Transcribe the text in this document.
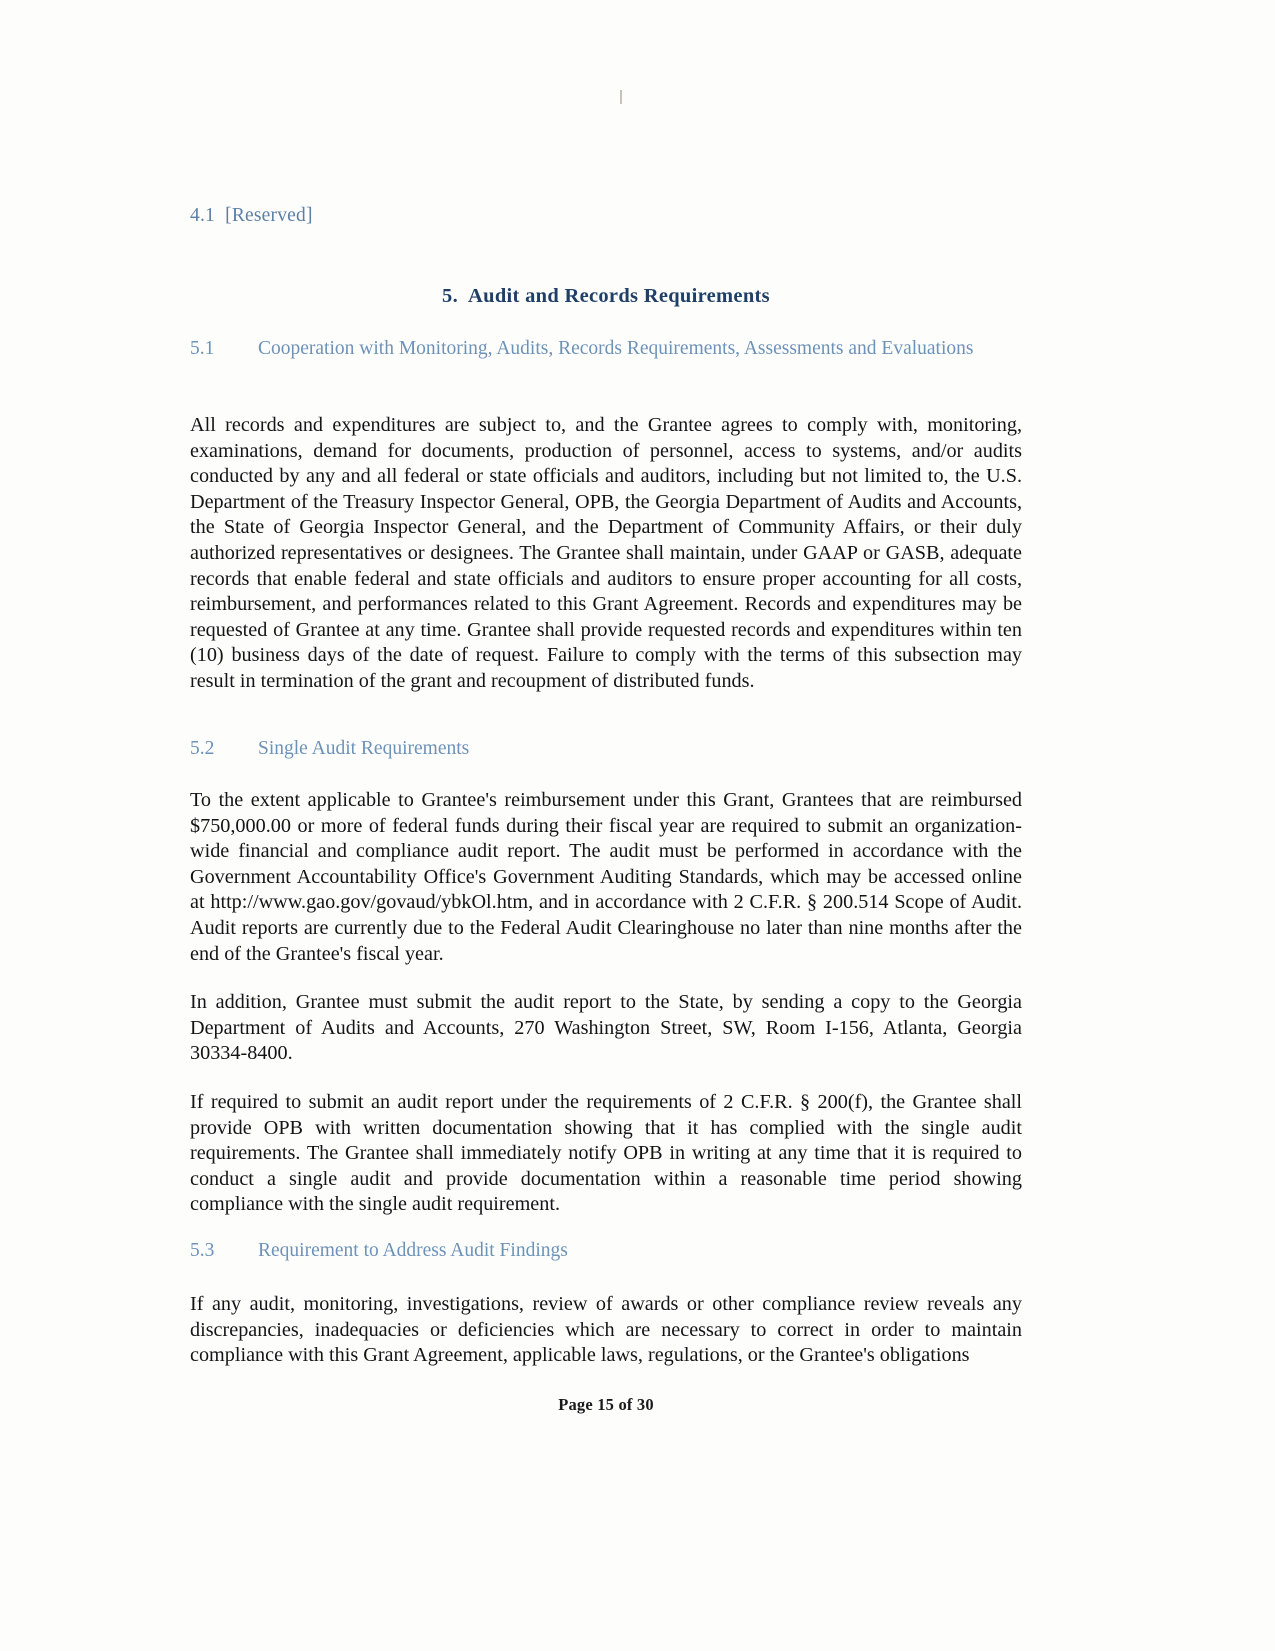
4.1  [Reserved]
5. Audit and Records Requirements
5.1	Cooperation with Monitoring, Audits, Records Requirements, Assessments and Evaluations
All records and expenditures are subject to, and the Grantee agrees to comply with, monitoring, examinations, demand for documents, production of personnel, access to systems, and/or audits conducted by any and all federal or state officials and auditors, including but not limited to, the U.S. Department of the Treasury Inspector General, OPB, the Georgia Department of Audits and Accounts, the State of Georgia Inspector General, and the Department of Community Affairs, or their duly authorized representatives or designees. The Grantee shall maintain, under GAAP or GASB, adequate records that enable federal and state officials and auditors to ensure proper accounting for all costs, reimbursement, and performances related to this Grant Agreement. Records and expenditures may be requested of Grantee at any time. Grantee shall provide requested records and expenditures within ten (10) business days of the date of request. Failure to comply with the terms of this subsection may result in termination of the grant and recoupment of distributed funds.
5.2	Single Audit Requirements
To the extent applicable to Grantee's reimbursement under this Grant, Grantees that are reimbursed $750,000.00 or more of federal funds during their fiscal year are required to submit an organization-wide financial and compliance audit report. The audit must be performed in accordance with the Government Accountability Office's Government Auditing Standards, which may be accessed online at http://www.gao.gov/govaud/ybkOl.htm, and in accordance with 2 C.F.R. § 200.514 Scope of Audit. Audit reports are currently due to the Federal Audit Clearinghouse no later than nine months after the end of the Grantee's fiscal year.
In addition, Grantee must submit the audit report to the State, by sending a copy to the Georgia Department of Audits and Accounts, 270 Washington Street, SW, Room I-156, Atlanta, Georgia 30334-8400.
If required to submit an audit report under the requirements of 2 C.F.R. § 200(f), the Grantee shall provide OPB with written documentation showing that it has complied with the single audit requirements. The Grantee shall immediately notify OPB in writing at any time that it is required to conduct a single audit and provide documentation within a reasonable time period showing compliance with the single audit requirement.
5.3	Requirement to Address Audit Findings
If any audit, monitoring, investigations, review of awards or other compliance review reveals any discrepancies, inadequacies or deficiencies which are necessary to correct in order to maintain compliance with this Grant Agreement, applicable laws, regulations, or the Grantee's obligations
Page 15 of 30
